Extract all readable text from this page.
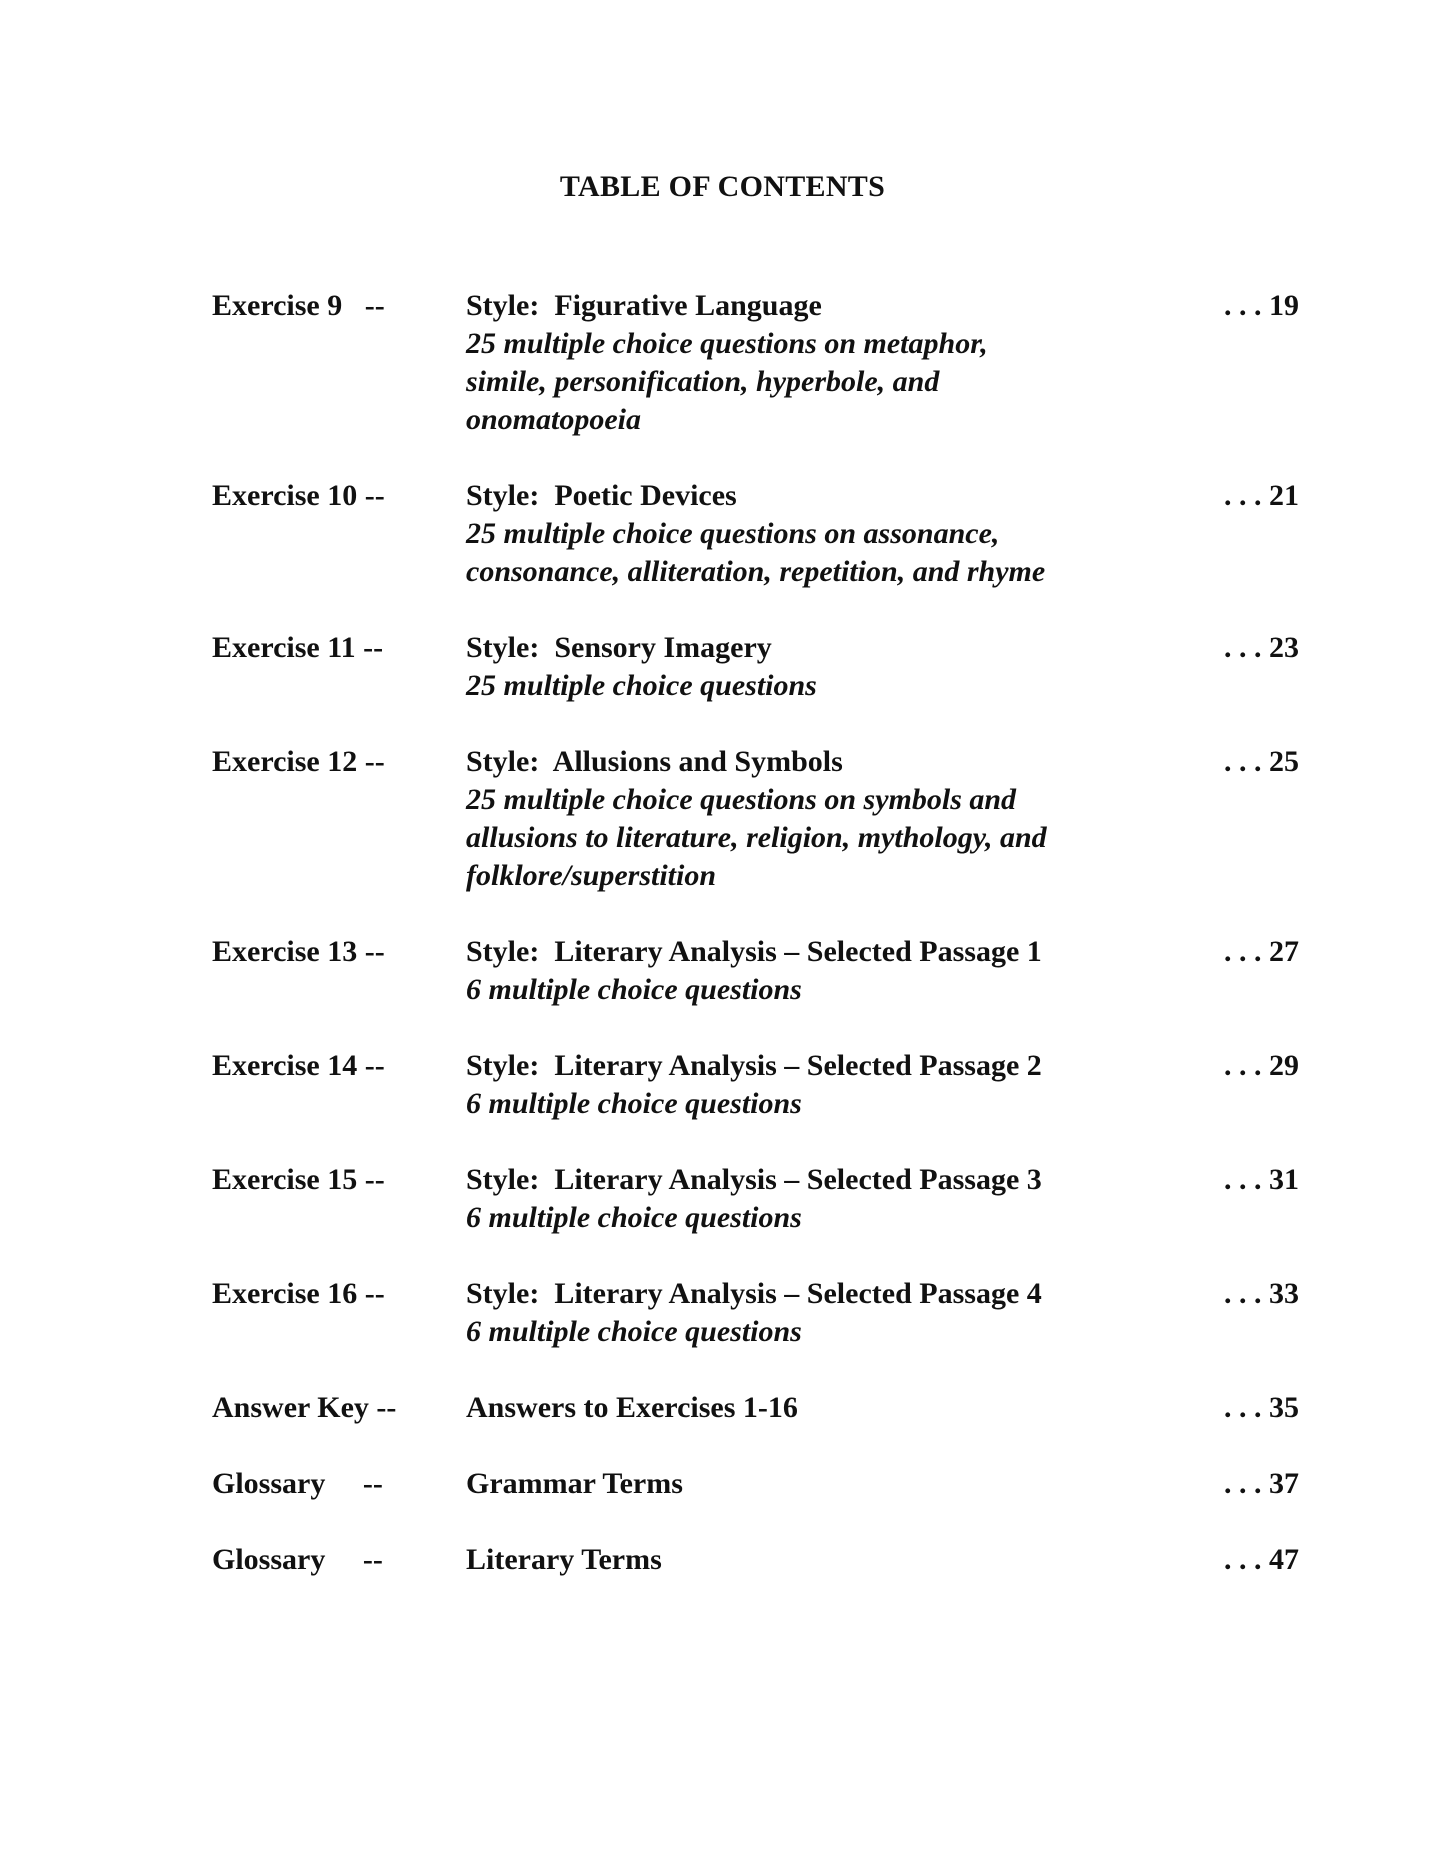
TABLE OF CONTENTS
Exercise 9   --	Style:  Figurative Language
25 multiple choice questions on metaphor, simile, personification, hyperbole, and onomatopoeia
. . . 19
Exercise 10 --	Style:  Poetic Devices
25 multiple choice questions on assonance, consonance, alliteration, repetition, and rhyme
. . . 21
Exercise 11 --	Style:  Sensory Imagery
25 multiple choice questions
. . . 23
Exercise 12 --	Style:  Allusions and Symbols
25 multiple choice questions on symbols and allusions to literature, religion, mythology, and folklore/superstition
. . . 25
Exercise 13 --	Style:  Literary Analysis – Selected Passage 1
6 multiple choice questions
. . . 27
Exercise 14 --	Style:  Literary Analysis – Selected Passage 2
6 multiple choice questions
. . . 29
Exercise 15 --	Style:  Literary Analysis – Selected Passage 3
6 multiple choice questions
. . . 31
Exercise 16 --	Style:  Literary Analysis – Selected Passage 4
6 multiple choice questions
. . . 33
Answer Key -- Answers to Exercises 1-16	. . . 35
Glossary     --	Grammar Terms	. . . 37
Glossary     --	Literary Terms	. . . 47
